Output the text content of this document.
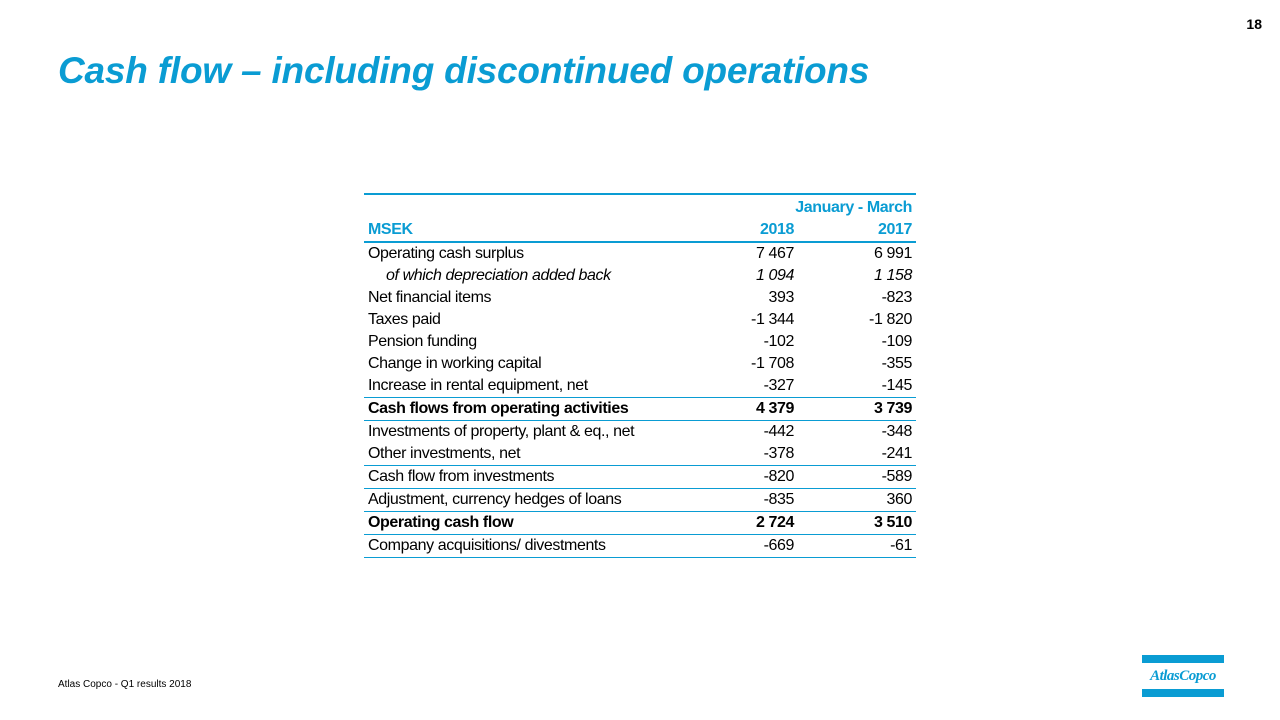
18
Cash flow – including discontinued operations
	January - March	
MSEK	2018	2017
Operating cash surplus	7 467	6 991
of which depreciation added back	1 094	1 158
Net financial items	393	-823
Taxes paid	-1 344	-1 820
Pension funding	-102	-109
Change in working capital	-1 708	-355
Increase in rental equipment, net	-327	-145
Cash flows from operating activities	4 379	3 739
Investments of property, plant & eq., net	-442	-348
Other investments, net	-378	-241
Cash flow from investments	-820	-589
Adjustment, currency hedges of loans	-835	360
Operating cash flow	2 724	3 510
Company acquisitions/ divestments	-669	-61
Atlas Copco - Q1 results 2018
AtlasCopco
